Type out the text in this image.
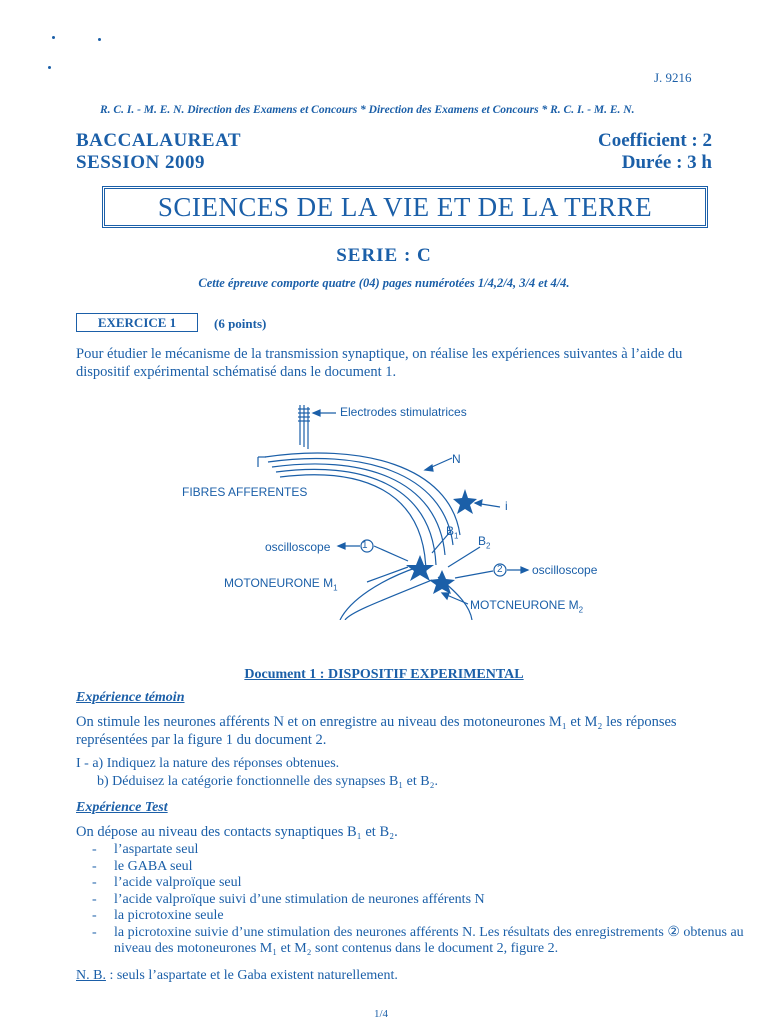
J. 9216
R. C. I. - M. E. N. Direction des Examens et Concours * Direction des Examens et Concours * R. C. I. - M. E. N.
BACCALAUREAT
SESSION 2009
Coefficient : 2
Durée : 3 h
SCIENCES DE LA VIE ET DE LA TERRE
SERIE : C
Cette épreuve comporte quatre (04) pages numérotées 1/4,2/4, 3/4 et 4/4.
EXERCICE 1	(6 points)
Pour étudier le mécanisme de la transmission synaptique, on réalise les expériences suivantes à l’aide du dispositif expérimental schématisé dans le document 1.
Electrodes stimulatrices
N
FIBRES AFFERENTES
i
$B_1$ $B_2$
oscilloscope	1
2 oscilloscope
MOTONEURONE $M_1$
MOTCNEURONE $M_2$
Document 1 : DISPOSITIF EXPERIMENTAL
Expérience témoin
On stimule les neurones afférents N et on enregistre au niveau des motoneurones M₁ et M₂ les réponses représentées par la figure 1 du document 2.
I - a) Indiquez la nature des réponses obtenues.
b) Déduisez la catégorie fonctionnelle des synapses B₁ et B₂.
Expérience Test
On dépose au niveau des contacts synaptiques B₁ et B₂.
- l’aspartate seul
- le GABA seul
- l’acide valproïque seul
- l’acide valproïque suivi d’une stimulation de neurones afférents N
- la picrotoxine seule
- la picrotoxine suivie d’une stimulation des neurones afférents N. Les résultats des enregistrements ② obtenus au niveau des motoneurones M₁ et M₂ sont contenus dans le document 2, figure 2.
N. B. : seuls l’aspartate et le Gaba existent naturellement.
1/4
